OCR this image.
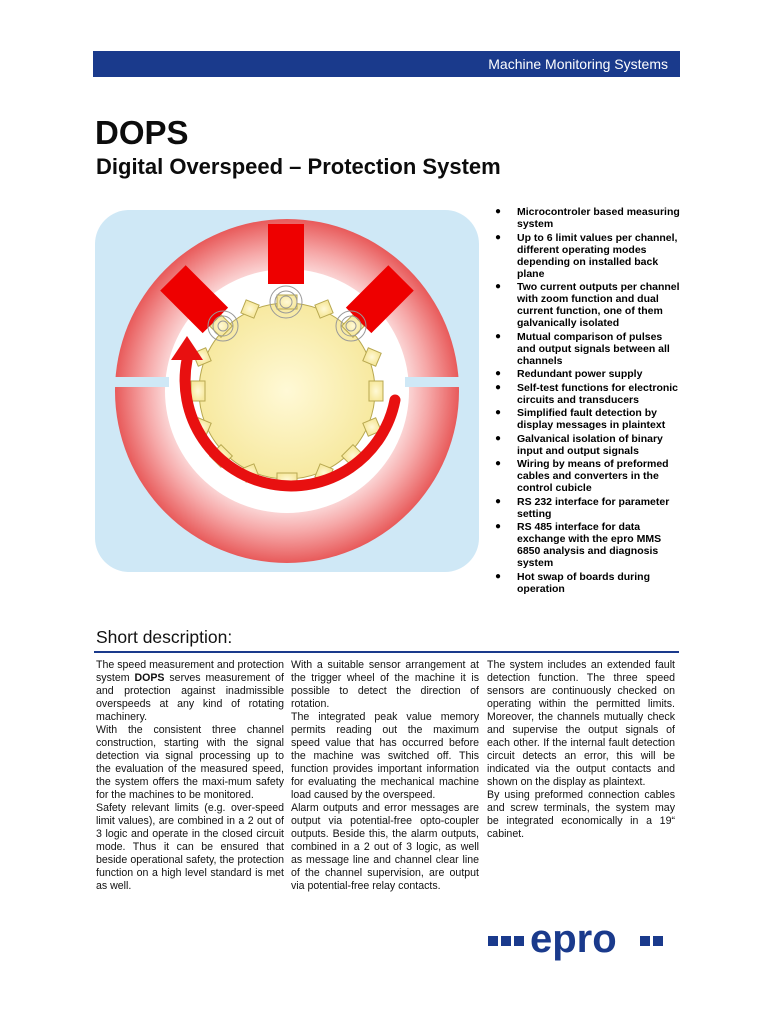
Machine Monitoring Systems
DOPS
Digital Overspeed – Protection System
● Microcontroler based measuring system
● Up to 6 limit values per channel, different operating modes depending on installed back plane
● Two current outputs per channel with zoom function and dual current function, one of them galvanically isolated
● Mutual comparison of pulses and output signals between all channels
● Redundant power supply
● Self-test functions for electronic circuits and transducers
● Simplified fault detection by display messages in plaintext
● Galvanical isolation of binary input and output signals
● Wiring by means of preformed cables and converters in the control cubicle
● RS 232 interface for parameter setting
● RS 485 interface for data exchange with the epro MMS 6850 analysis and diagnosis system
● Hot swap of boards during operation
Short description:

The speed measurement and protection system DOPS serves measurement of and protection against inadmissible overspeeds at any kind of rotating machinery.

With the consistent three channel construction, starting with the signal detection via signal processing up to the evaluation of the measured speed, the system offers the maxi-mum safety for the machines to be monitored.

Safety relevant limits (e.g. over-speed limit values), are combined in a 2 out of 3 logic and operate in the closed circuit mode. Thus it can be ensured that beside operational safety, the protection function on a high level standard is met as well.

With a suitable sensor arrangement at the trigger wheel of the machine it is possible to detect the direction of rotation.

The integrated peak value memory permits reading out the maximum speed value that has occurred before the machine was switched off. This function provides important information for evaluating the mechanical machine load caused by the overspeed.

Alarm outputs and error messages are output via potential-free opto-coupler outputs. Beside this, the alarm outputs, combined in a 2 out of 3 logic, as well as message line and channel clear line of the channel supervision, are output via potential-free relay contacts.

The system includes an extended fault detection function. The three speed sensors are continuously checked on operating within the permitted limits. Moreover, the channels mutually check and supervise the output signals of each other. If the internal fault detection circuit detects an error, this will be indicated via the output contacts and shown on the display as plaintext.

By using preformed connection cables and screw terminals, the system may be integrated economically in a 19“ cabinet.

epro
